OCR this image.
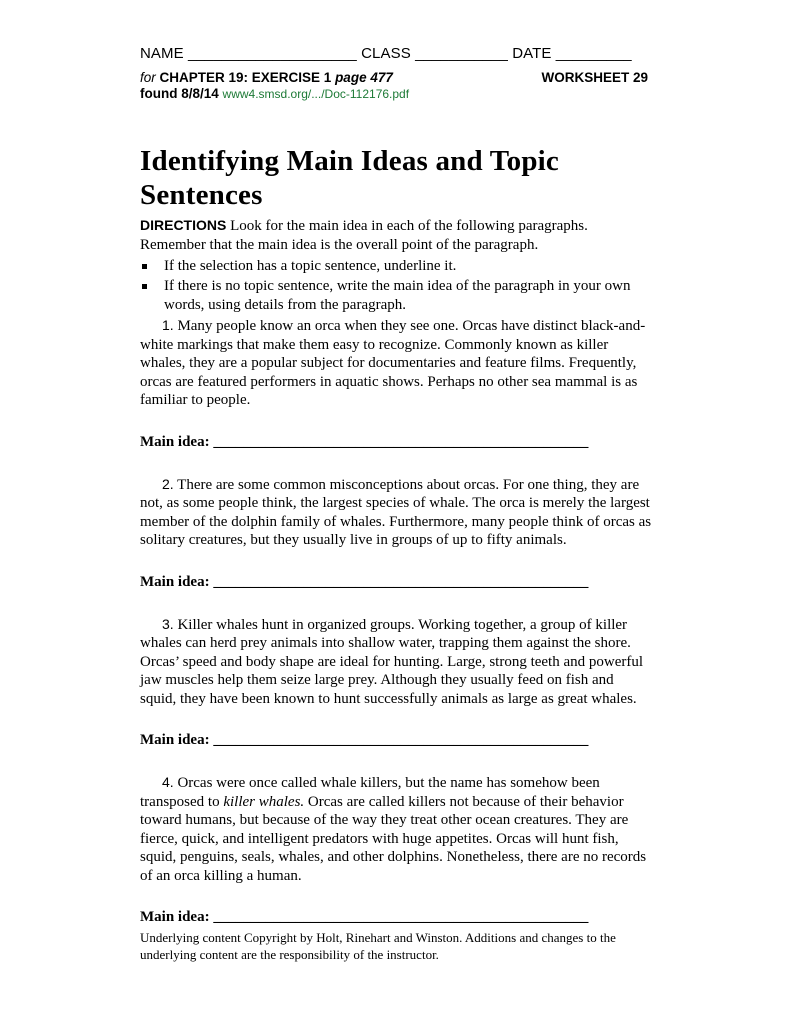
NAME ____________________ CLASS ___________ DATE _________
for CHAPTER 19: EXERCISE 1 page 477	WORKSHEET 29
found 8/8/14 www4.smsd.org/.../Doc-112176.pdf
Identifying Main Ideas and Topic Sentences
DIRECTIONS Look for the main idea in each of the following paragraphs. Remember that the main idea is the overall point of the paragraph.
If the selection has a topic sentence, underline it.
If there is no topic sentence, write the main idea of the paragraph in your own words, using details from the paragraph.

1. Many people know an orca when they see one. Orcas have distinct black-and-white markings that make them easy to recognize. Commonly known as killer whales, they are a popular subject for documentaries and feature films. Frequently, orcas are featured performers in aquatic shows. Perhaps no other sea mammal is as familiar to people.

Main idea: __________________________________________________

2. There are some common misconceptions about orcas. For one thing, they are not, as some people think, the largest species of whale. The orca is merely the largest member of the dolphin family of whales. Furthermore, many people think of orcas as solitary creatures, but they usually live in groups of up to fifty animals.

Main idea: __________________________________________________

3. Killer whales hunt in organized groups. Working together, a group of killer whales can herd prey animals into shallow water, trapping them against the shore. Orcas’ speed and body shape are ideal for hunting. Large, strong teeth and powerful jaw muscles help them seize large prey. Although they usually feed on fish and squid, they have been known to hunt successfully animals as large as great whales.

Main idea: __________________________________________________

4. Orcas were once called whale killers, but the name has somehow been transposed to killer whales. Orcas are called killers not because of their behavior toward humans, but because of the way they treat other ocean creatures. They are fierce, quick, and intelligent predators with huge appetites. Orcas will hunt fish, squid, penguins, seals, whales, and other dolphins. Nonetheless, there are no records of an orca killing a human.

Main idea: __________________________________________________
Underlying content Copyright by Holt, Rinehart and Winston. Additions and changes to the underlying content are the responsibility of the instructor.
